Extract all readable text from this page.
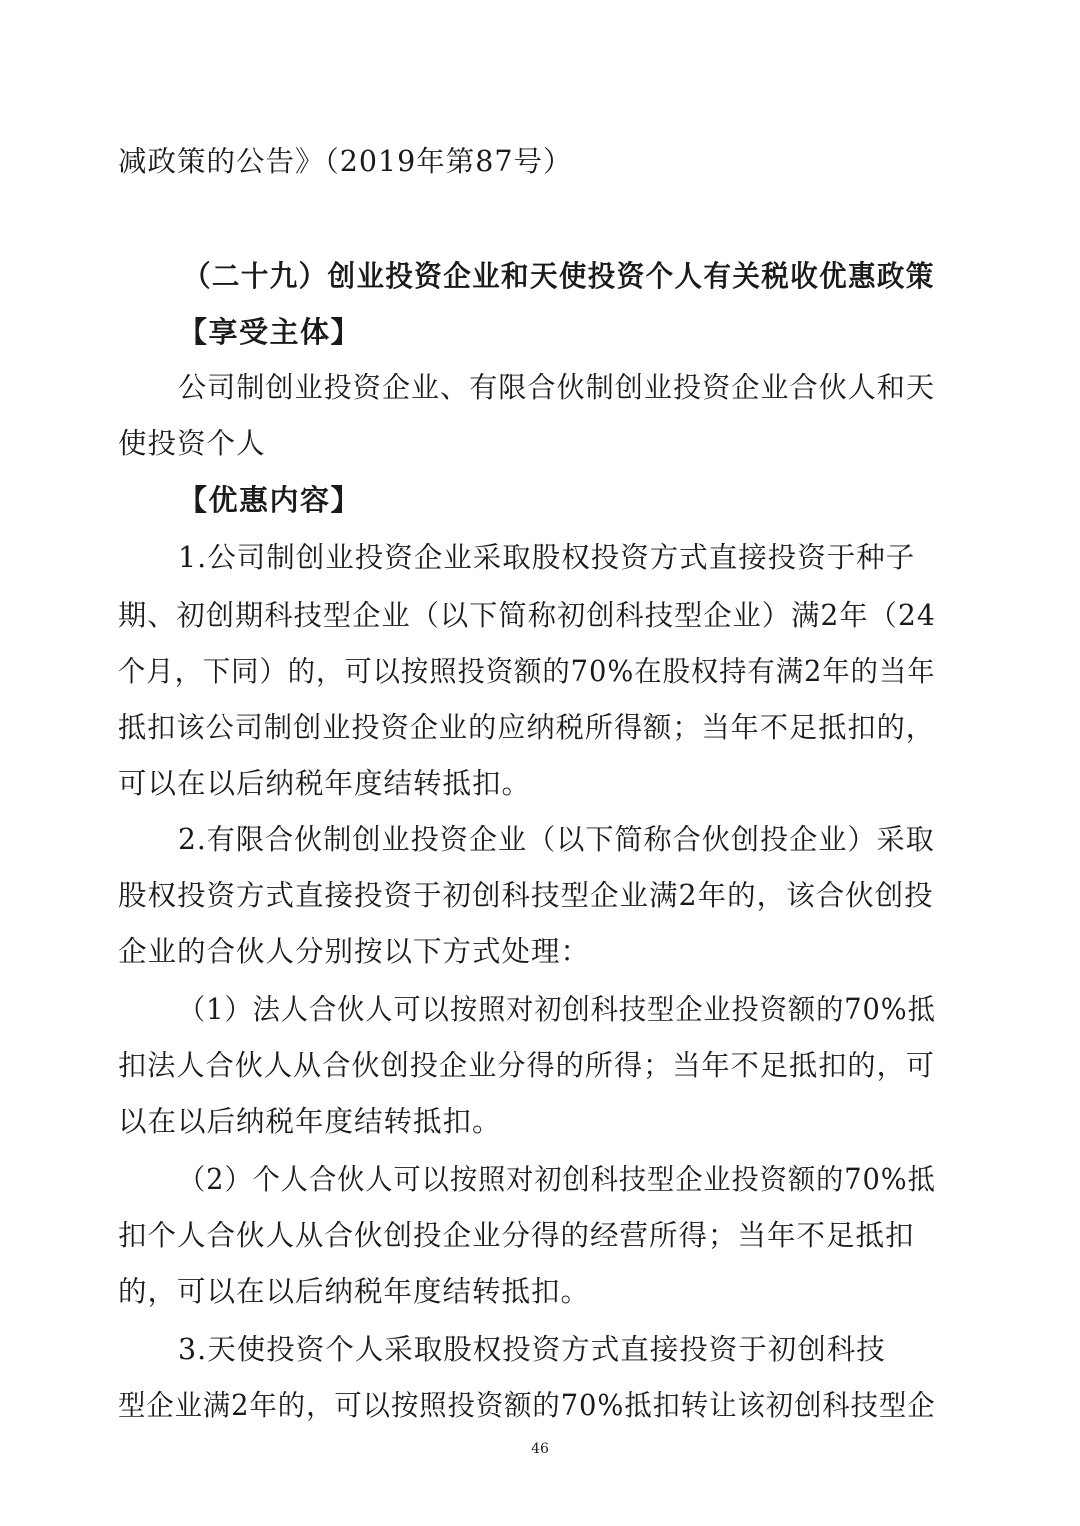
减政策的公告》（2019年第87号）
（二十九）创业投资企业和天使投资个人有关税收优惠政策
【享受主体】
公司制创业投资企业、有限合伙制创业投资企业合伙人和天
使投资个人
【优惠内容】
1.公司制创业投资企业采取股权投资方式直接投资于种子
期、初创期科技型企业（以下简称初创科技型企业）满2年（24
个月，下同）的，可以按照投资额的70%在股权持有满2年的当年
抵扣该公司制创业投资企业的应纳税所得额；当年不足抵扣的，
可以在以后纳税年度结转抵扣。
2.有限合伙制创业投资企业（以下简称合伙创投企业）采取
股权投资方式直接投资于初创科技型企业满2年的，该合伙创投
企业的合伙人分别按以下方式处理：
（1）法人合伙人可以按照对初创科技型企业投资额的70%抵
扣法人合伙人从合伙创投企业分得的所得；当年不足抵扣的，可
以在以后纳税年度结转抵扣。
（2）个人合伙人可以按照对初创科技型企业投资额的70%抵
扣个人合伙人从合伙创投企业分得的经营所得；当年不足抵扣
的，可以在以后纳税年度结转抵扣。
3.天使投资个人采取股权投资方式直接投资于初创科技
型企业满2年的，可以按照投资额的70%抵扣转让该初创科技型企
46
